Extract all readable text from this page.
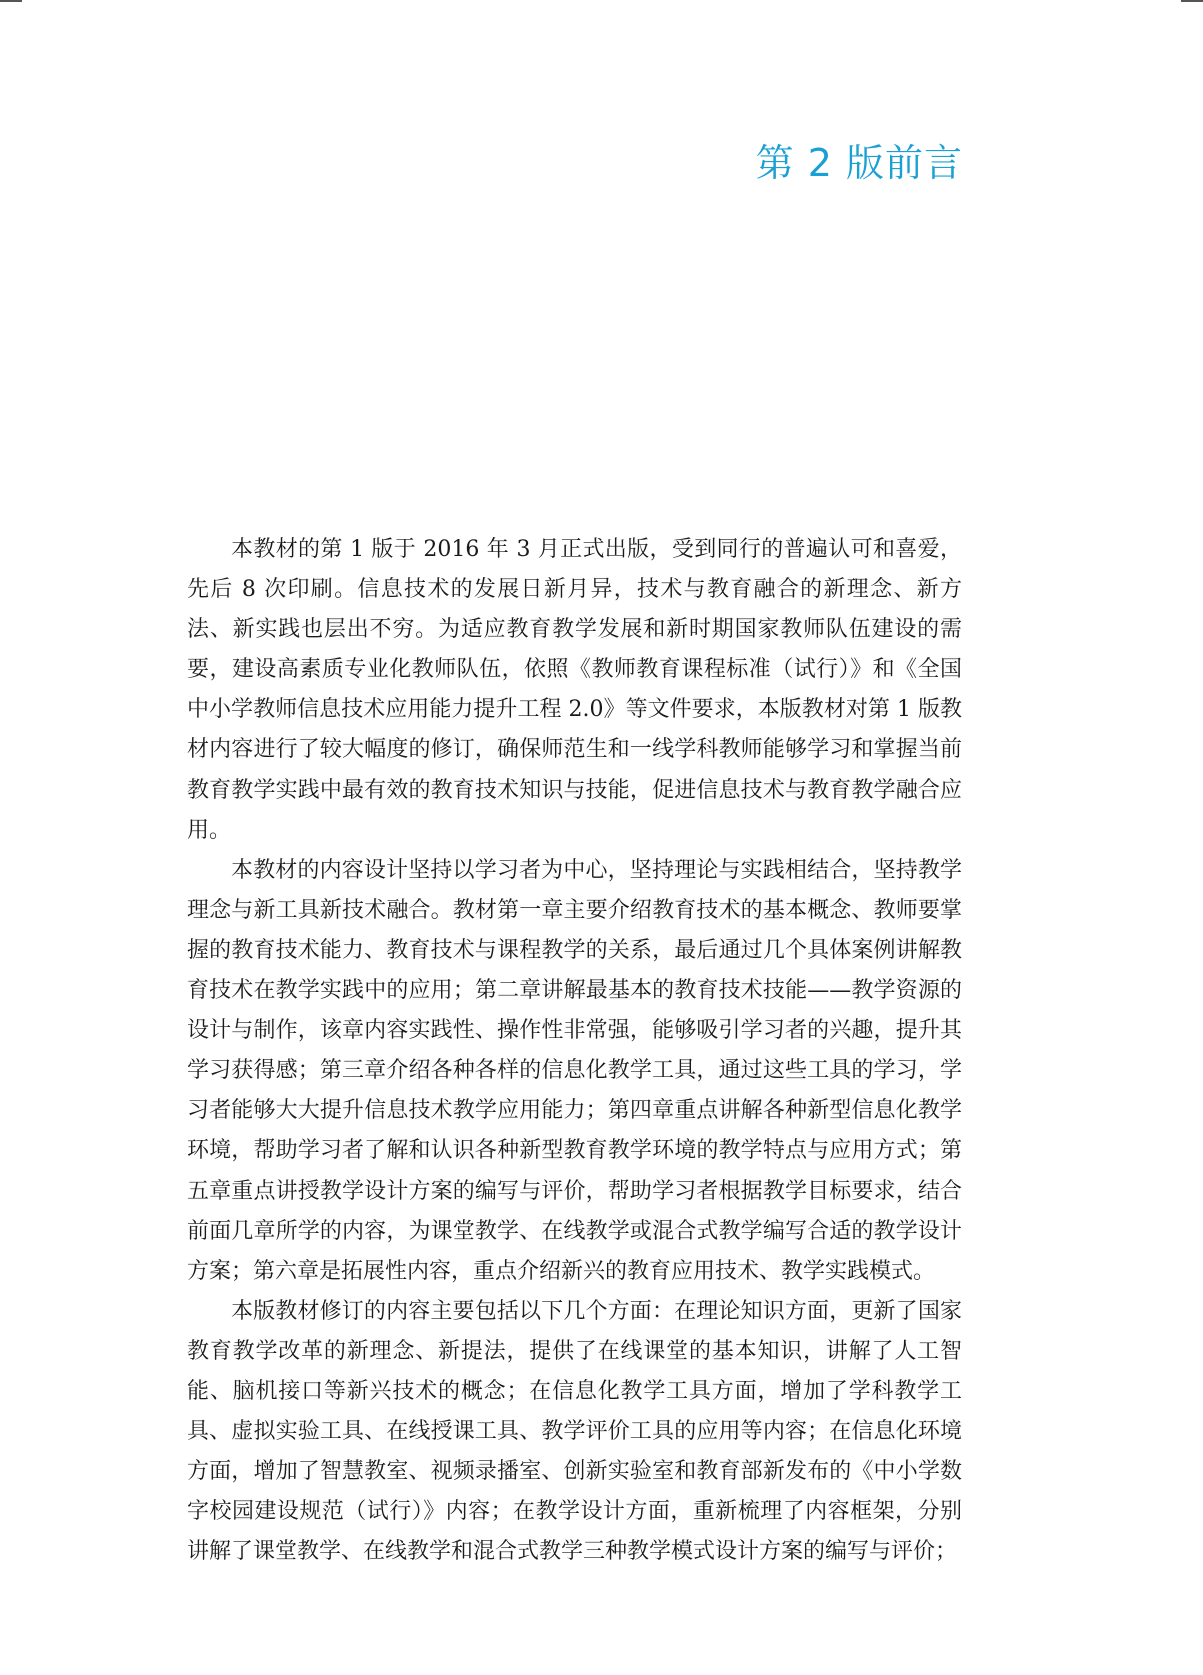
第 2 版前言

本教材的第 1 版于 2016 年 3 月正式出版，受到同行的普遍认可和喜爱，先后 8 次印刷。信息技术的发展日新月异，技术与教育融合的新理念、新方法、新实践也层出不穷。为适应教育教学发展和新时期国家教师队伍建设的需要，建设高素质专业化教师队伍，依照《教师教育课程标准（试行）》和《全国中小学教师信息技术应用能力提升工程 2.0》等文件要求，本版教材对第 1 版教材内容进行了较大幅度的修订，确保师范生和一线学科教师能够学习和掌握当前教育教学实践中最有效的教育技术知识与技能，促进信息技术与教育教学融合应用。

本教材的内容设计坚持以学习者为中心，坚持理论与实践相结合，坚持教学理念与新工具新技术融合。教材第一章主要介绍教育技术的基本概念、教师要掌握的教育技术能力、教育技术与课程教学的关系，最后通过几个具体案例讲解教育技术在教学实践中的应用；第二章讲解最基本的教育技术技能——教学资源的设计与制作，该章内容实践性、操作性非常强，能够吸引学习者的兴趣，提升其学习获得感；第三章介绍各种各样的信息化教学工具，通过这些工具的学习，学习者能够大大提升信息技术教学应用能力；第四章重点讲解各种新型信息化教学环境，帮助学习者了解和认识各种新型教育教学环境的教学特点与应用方式；第五章重点讲授教学设计方案的编写与评价，帮助学习者根据教学目标要求，结合前面几章所学的内容，为课堂教学、在线教学或混合式教学编写合适的教学设计方案；第六章是拓展性内容，重点介绍新兴的教育应用技术、教学实践模式。

本版教材修订的内容主要包括以下几个方面：在理论知识方面，更新了国家教育教学改革的新理念、新提法，提供了在线课堂的基本知识，讲解了人工智能、脑机接口等新兴技术的概念；在信息化教学工具方面，增加了学科教学工具、虚拟实验工具、在线授课工具、教学评价工具的应用等内容；在信息化环境方面，增加了智慧教室、视频录播室、创新实验室和教育部新发布的《中小学数字校园建设规范（试行）》内容；在教学设计方面，重新梳理了内容框架，分别讲解了课堂教学、在线教学和混合式教学三种教学模式设计方案的编写与评价；
